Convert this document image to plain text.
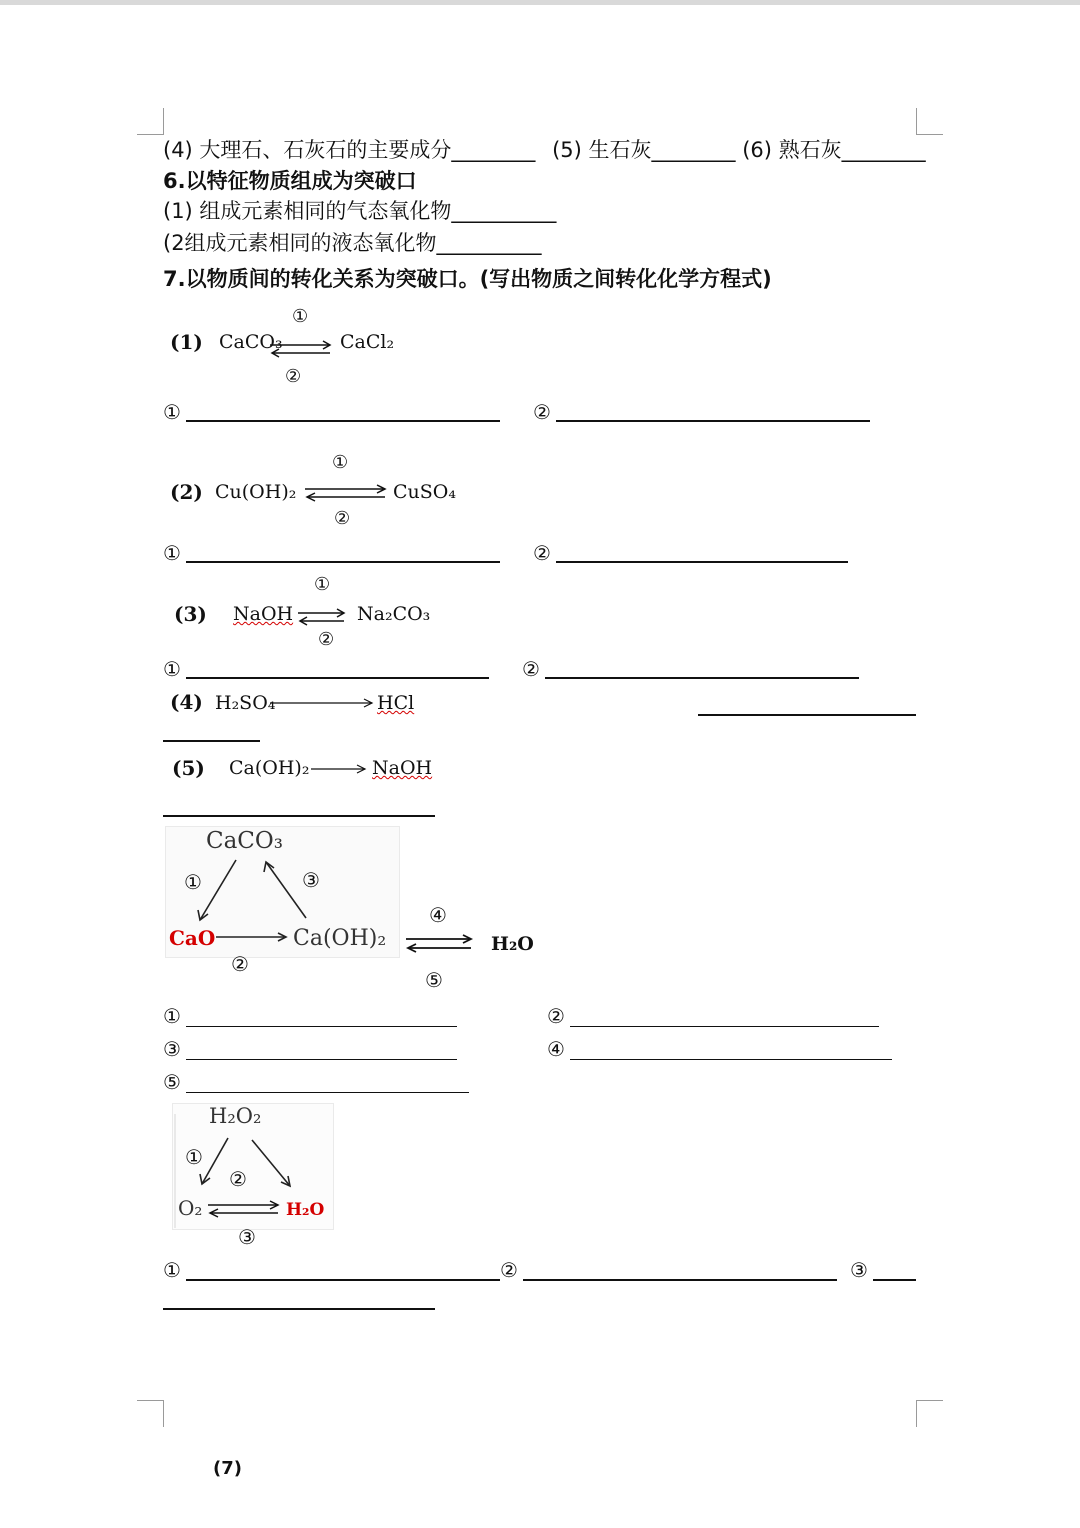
(4) 大理石、石灰石的主要成分________ (5) 生石灰________ (6) 熟石灰________
6.以特征物质组成为突破口
(1) 组成元素相同的气态氧化物__________
(2组成元素相同的液态氧化物__________
7.以物质间的转化关系为突破口。(写出物质之间转化化学方程式)
(1) CaCO₃	CaCl₂
①
②
①	②
(2) Cu(OH)₂	CuSO₄
①
②
①	②
(3) NaOH	Na₂CO₃
①
②
①	②
(4) H₂SO₄	HCl
(5) Ca(OH)₂	NaOH
CaCO₃
CaO	Ca(OH)₂	H₂O
①	③
②
④
⑤
①	②
③	④
⑤
H₂O₂
O₂	H₂O
①
②
③
①	②	③
(7)
